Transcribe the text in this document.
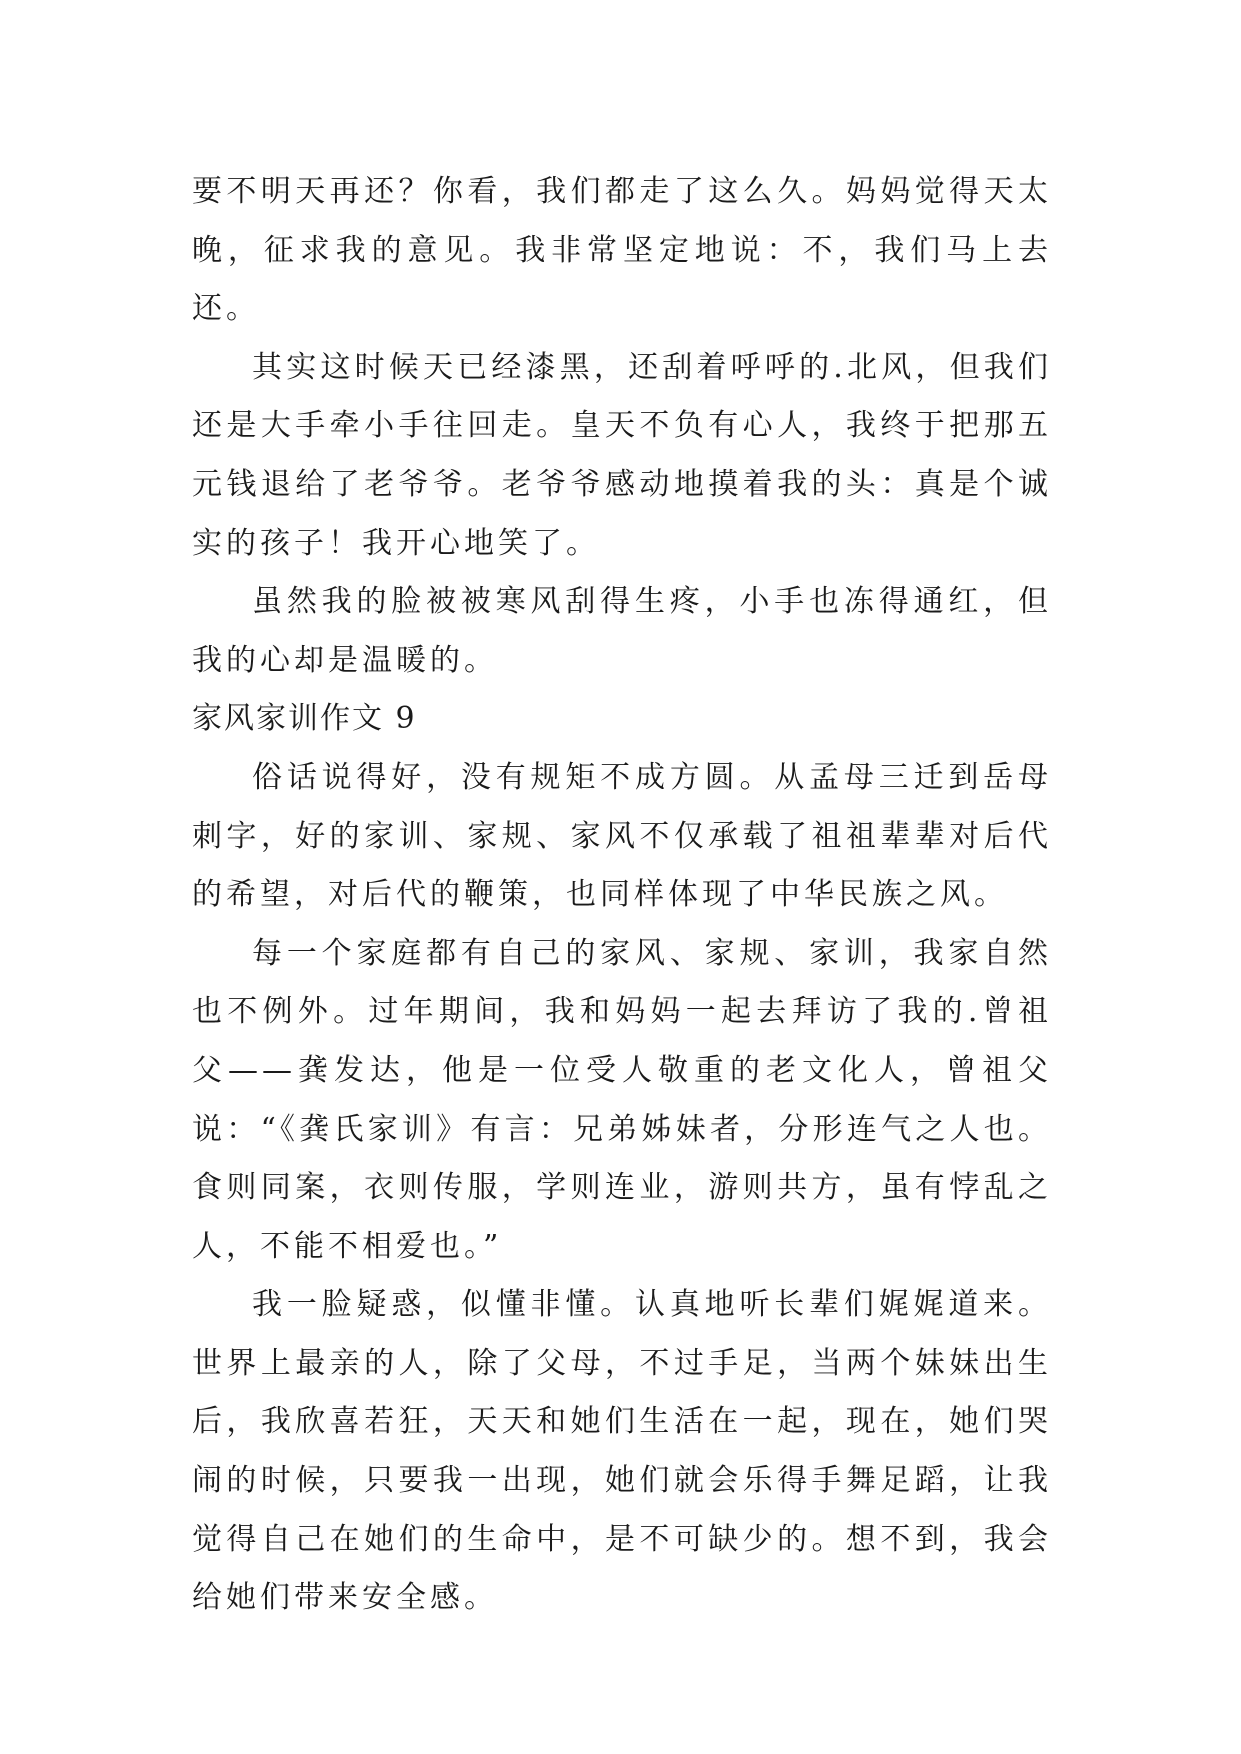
要不明天再还？你看，我们都走了这么久。妈妈觉得天太晚，征求我的意见。我非常坚定地说：不，我们马上去还。

其实这时候天已经漆黑，还刮着呼呼的.北风，但我们还是大手牵小手往回走。皇天不负有心人，我终于把那五元钱退给了老爷爷。老爷爷感动地摸着我的头：真是个诚实的孩子！我开心地笑了。

虽然我的脸被被寒风刮得生疼，小手也冻得通红，但我的心却是温暖的。

家风家训作文 9

俗话说得好，没有规矩不成方圆。从孟母三迁到岳母刺字，好的家训、家规、家风不仅承载了祖祖辈辈对后代的希望，对后代的鞭策，也同样体现了中华民族之风。

每一个家庭都有自己的家风、家规、家训，我家自然也不例外。过年期间，我和妈妈一起去拜访了我的.曾祖父——龚发达，他是一位受人敬重的老文化人，曾祖父说：“《龚氏家训》有言：兄弟姊妹者，分形连气之人也。食则同案，衣则传服，学则连业，游则共方，虽有悖乱之人，不能不相爱也。”

我一脸疑惑，似懂非懂。认真地听长辈们娓娓道来。世界上最亲的人，除了父母，不过手足，当两个妹妹出生后，我欣喜若狂，天天和她们生活在一起，现在，她们哭闹的时候，只要我一出现，她们就会乐得手舞足蹈，让我觉得自己在她们的生命中，是不可缺少的。想不到，我会给她们带来安全感。
